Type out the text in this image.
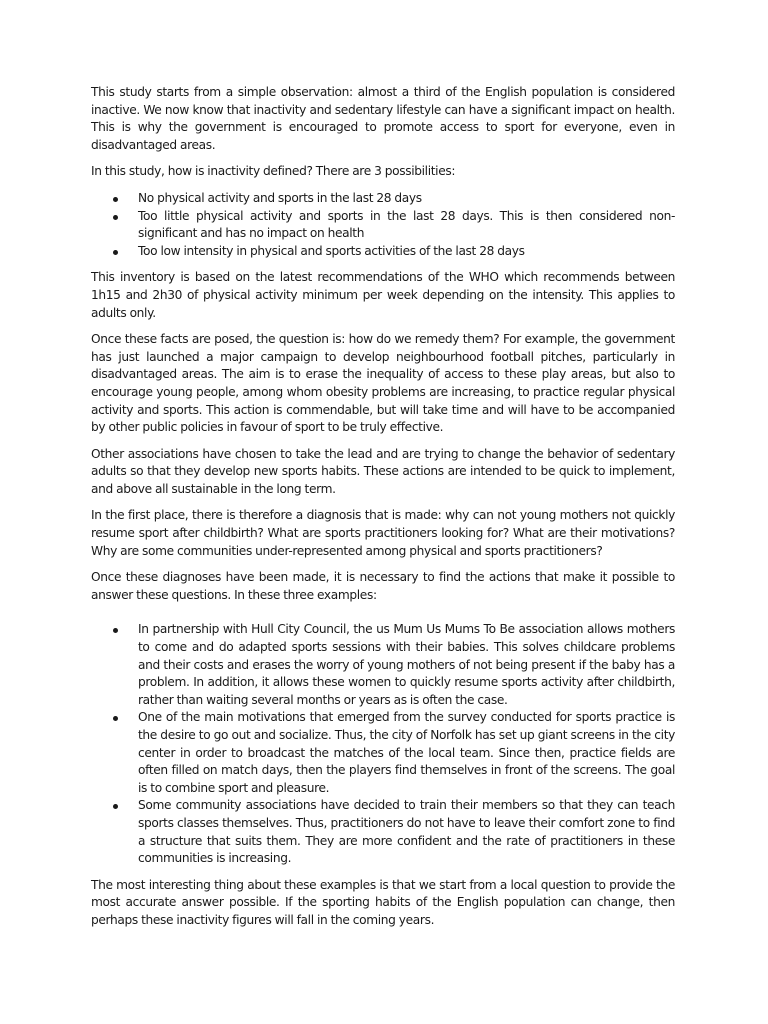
This study starts from a simple observation: almost a third of the English population is considered inactive. We now know that inactivity and sedentary lifestyle can have a significant impact on health. This is why the government is encouraged to promote access to sport for everyone, even in disadvantaged areas.

In this study, how is inactivity defined? There are 3 possibilities:

No physical activity and sports in the last 28 days
Too little physical activity and sports in the last 28 days. This is then considered non-significant and has no impact on health
Too low intensity in physical and sports activities of the last 28 days

This inventory is based on the latest recommendations of the WHO which recommends between 1h15 and 2h30 of physical activity minimum per week depending on the intensity. This applies to adults only.

Once these facts are posed, the question is: how do we remedy them? For example, the government has just launched a major campaign to develop neighbourhood football pitches, particularly in disadvantaged areas. The aim is to erase the inequality of access to these play areas, but also to encourage young people, among whom obesity problems are increasing, to practice regular physical activity and sports. This action is commendable, but will take time and will have to be accompanied by other public policies in favour of sport to be truly effective.

Other associations have chosen to take the lead and are trying to change the behavior of sedentary adults so that they develop new sports habits. These actions are intended to be quick to implement, and above all sustainable in the long term.

In the first place, there is therefore a diagnosis that is made: why can not young mothers not quickly resume sport after childbirth? What are sports practitioners looking for? What are their motivations? Why are some communities under-represented among physical and sports practitioners?

Once these diagnoses have been made, it is necessary to find the actions that make it possible to answer these questions. In these three examples:

In partnership with Hull City Council, the us Mum Us Mums To Be association allows mothers to come and do adapted sports sessions with their babies. This solves childcare problems and their costs and erases the worry of young mothers of not being present if the baby has a problem. In addition, it allows these women to quickly resume sports activity after childbirth, rather than waiting several months or years as is often the case.
One of the main motivations that emerged from the survey conducted for sports practice is the desire to go out and socialize. Thus, the city of Norfolk has set up giant screens in the city center in order to broadcast the matches of the local team. Since then, practice fields are often filled on match days, then the players find themselves in front of the screens. The goal is to combine sport and pleasure.
Some community associations have decided to train their members so that they can teach sports classes themselves. Thus, practitioners do not have to leave their comfort zone to find a structure that suits them. They are more confident and the rate of practitioners in these communities is increasing.

The most interesting thing about these examples is that we start from a local question to provide the most accurate answer possible. If the sporting habits of the English population can change, then perhaps these inactivity figures will fall in the coming years.
